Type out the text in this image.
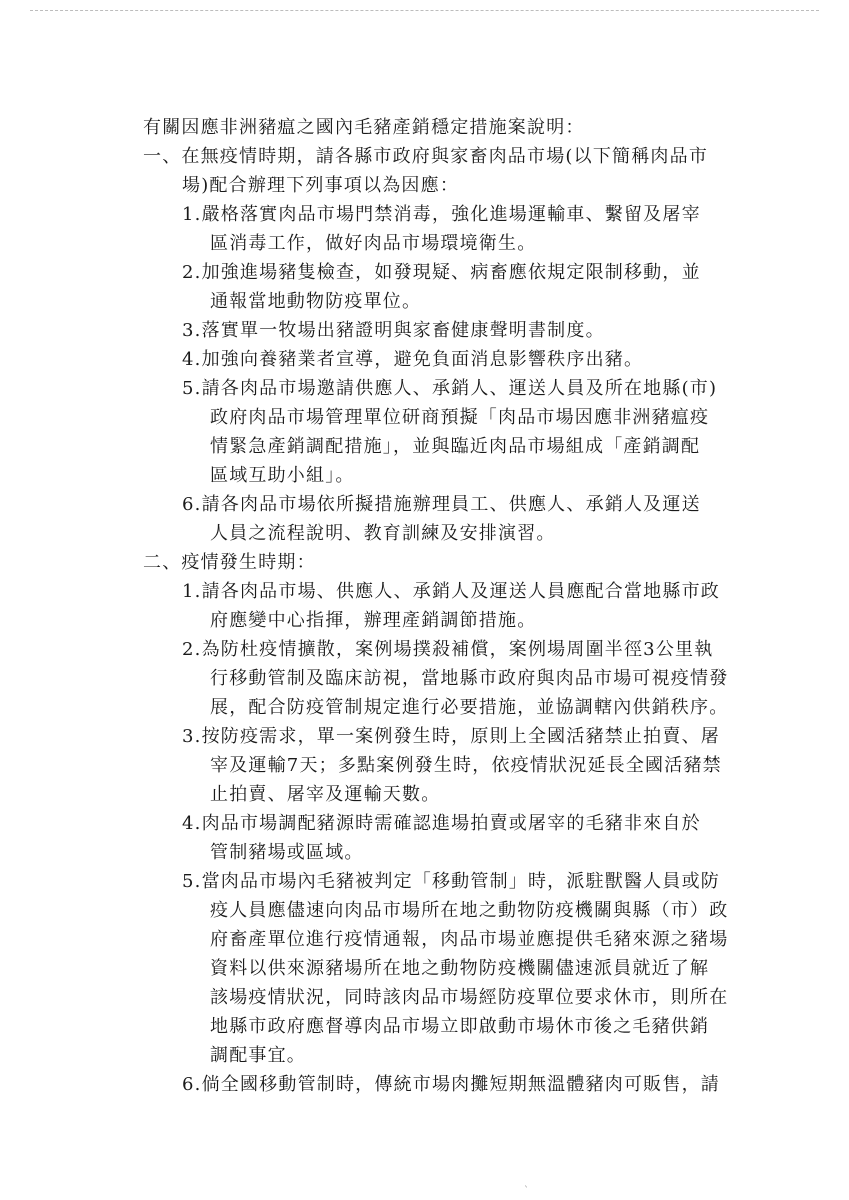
有關因應非洲豬瘟之國內毛豬產銷穩定措施案說明：
一、在無疫情時期，請各縣市政府與家畜肉品市場(以下簡稱肉品市
場)配合辦理下列事項以為因應：
1.嚴格落實肉品市場門禁消毒，強化進場運輸車、繫留及屠宰
區消毒工作，做好肉品市場環境衛生。
2.加強進場豬隻檢查，如發現疑、病畜應依規定限制移動，並
通報當地動物防疫單位。
3.落實單一牧場出豬證明與家畜健康聲明書制度。
4.加強向養豬業者宣導，避免負面消息影響秩序出豬。
5.請各肉品市場邀請供應人、承銷人、運送人員及所在地縣(市)
政府肉品市場管理單位研商預擬「肉品市場因應非洲豬瘟疫
情緊急產銷調配措施」，並與臨近肉品市場組成「產銷調配
區域互助小組」。
6.請各肉品市場依所擬措施辦理員工、供應人、承銷人及運送
人員之流程說明、教育訓練及安排演習。
二、疫情發生時期：
1.請各肉品市場、供應人、承銷人及運送人員應配合當地縣市政
府應變中心指揮，辦理產銷調節措施。
2.為防杜疫情擴散，案例場撲殺補償，案例場周圍半徑3公里執
行移動管制及臨床訪視，當地縣市政府與肉品市場可視疫情發
展，配合防疫管制規定進行必要措施，並協調轄內供銷秩序。
3.按防疫需求，單一案例發生時，原則上全國活豬禁止拍賣、屠
宰及運輸7天；多點案例發生時，依疫情狀況延長全國活豬禁
止拍賣、屠宰及運輸天數。
4.肉品市場調配豬源時需確認進場拍賣或屠宰的毛豬非來自於
管制豬場或區域。
5.當肉品市場內毛豬被判定「移動管制」時，派駐獸醫人員或防
疫人員應儘速向肉品市場所在地之動物防疫機關與縣（市）政
府畜產單位進行疫情通報，肉品市場並應提供毛豬來源之豬場
資料以供來源豬場所在地之動物防疫機關儘速派員就近了解
該場疫情狀況，同時該肉品市場經防疫單位要求休市，則所在
地縣市政府應督導肉品市場立即啟動市場休市後之毛豬供銷
調配事宜。
6.倘全國移動管制時，傳統市場肉攤短期無溫體豬肉可販售，請
ˋ
